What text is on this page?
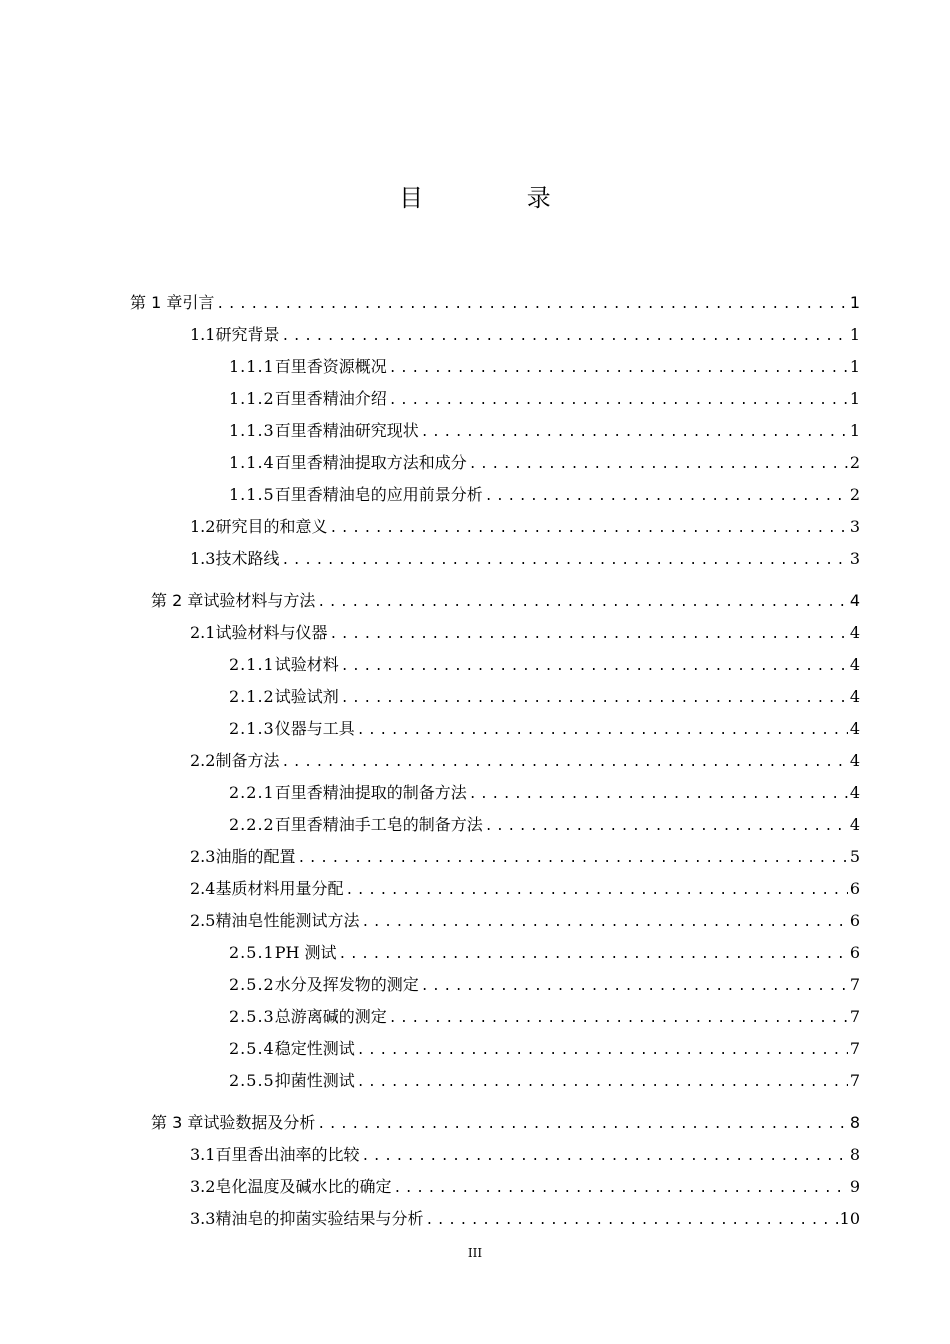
目 录
第 1 章 引言 .....	1
1.1 研究背景 .....	1
1.1.1 百里香资源概况 .....	1
1.1.2 百里香精油介绍 .....	1
1.1.3 百里香精油研究现状 .....	1
1.1.4 百里香精油提取方法和成分 .....	2
1.1.5 百里香精油皂的应用前景分析 .....	2
1.2 研究目的和意义 .....	3
1.3 技术路线 .....	3
第 2 章 试验材料与方法 .....	4
2.1 试验材料与仪器 .....	4
2.1.1 试验材料 .....	4
2.1.2 试验试剂 .....	4
2.1.3 仪器与工具 .....	4
2.2 制备方法 .....	4
2.2.1 百里香精油提取的制备方法 .....	4
2.2.2 百里香精油手工皂的制备方法 .....	4
2.3 油脂的配置 .....	5
2.4 基质材料用量分配 .....	6
2.5 精油皂性能测试方法 .....	6
2.5.1 PH 测试 .....	6
2.5.2 水分及挥发物的测定 .....	7
2.5.3 总游离碱的测定 .....	7
2.5.4 稳定性测试 .....	7
2.5.5 抑菌性测试 .....	7
第 3 章 试验数据及分析 .....	8
3.1 百里香出油率的比较 .....	8
3.2 皂化温度及碱水比的确定 .....	9
3.3 精油皂的抑菌实验结果与分析 .....	10
III
